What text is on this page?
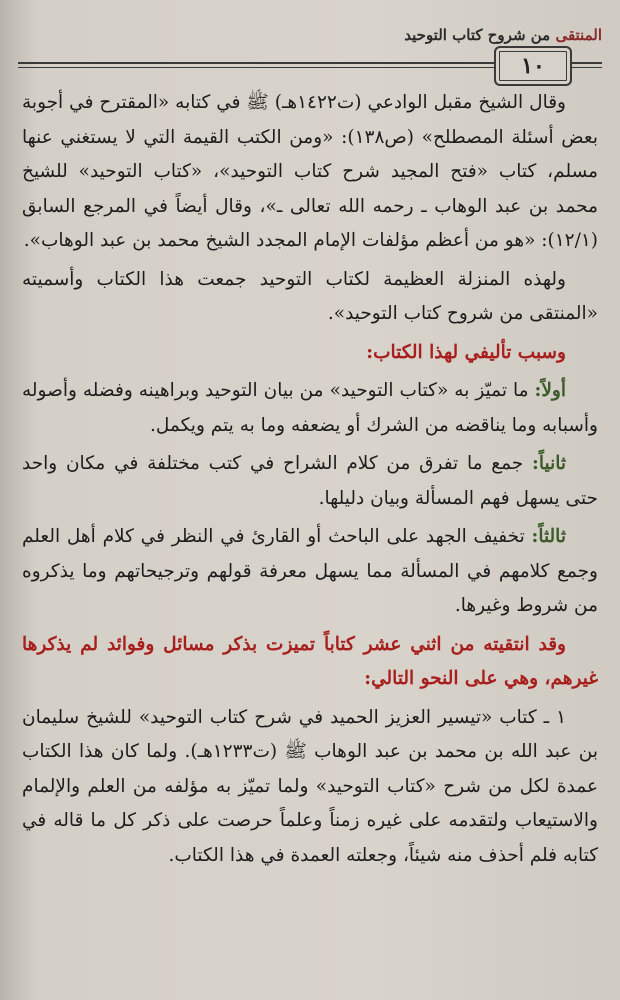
المنتقى من شروح كتاب التوحيد
١٠

وقال الشيخ مقبل الوادعي (ت١٤٢٢هـ) ﷺ في كتابه «المقترح في أجوبة بعض أسئلة المصطلح» (ص١٣٨): «ومن الكتب القيمة التي لا يستغني عنها مسلم، كتاب «فتح المجيد شرح كتاب التوحيد»، «كتاب التوحيد» للشيخ محمد بن عبد الوهاب ـ رحمه الله تعالى ـ»، وقال أيضاً في المرجع السابق (١٢/١): «هو من أعظم مؤلفات الإمام المجدد الشيخ محمد بن عبد الوهاب».

ولهذه المنزلة العظيمة لكتاب التوحيد جمعت هذا الكتاب وأسميته «المنتقى من شروح كتاب التوحيد».

وسبب تأليفي لهذا الكتاب:

أولاً: ما تميّز به «كتاب التوحيد» من بيان التوحيد وبراهينه وفضله وأصوله وأسبابه وما يناقضه من الشرك أو يضعفه وما به يتم ويكمل.

ثانياً: جمع ما تفرق من كلام الشراح في كتب مختلفة في مكان واحد حتى يسهل فهم المسألة وبيان دليلها.

ثالثاً: تخفيف الجهد على الباحث أو القارئ في النظر في كلام أهل العلم وجمع كلامهم في المسألة مما يسهل معرفة قولهم وترجيحاتهم وما يذكروه من شروط وغيرها.

وقد انتقيته من اثني عشر كتاباً تميزت بذكر مسائل وفوائد لم يذكرها غيرهم، وهي على النحو التالي:

١ ـ كتاب «تيسير العزيز الحميد في شرح كتاب التوحيد» للشيخ سليمان بن عبد الله بن محمد بن عبد الوهاب ﷺ (ت١٢٣٣هـ). ولما كان هذا الكتاب عمدة لكل من شرح «كتاب التوحيد» ولما تميّز به مؤلفه من العلم والإلمام والاستيعاب ولتقدمه على غيره زمناً وعلماً حرصت على ذكر كل ما قاله في كتابه فلم أحذف منه شيئاً، وجعلته العمدة في هذا الكتاب.
